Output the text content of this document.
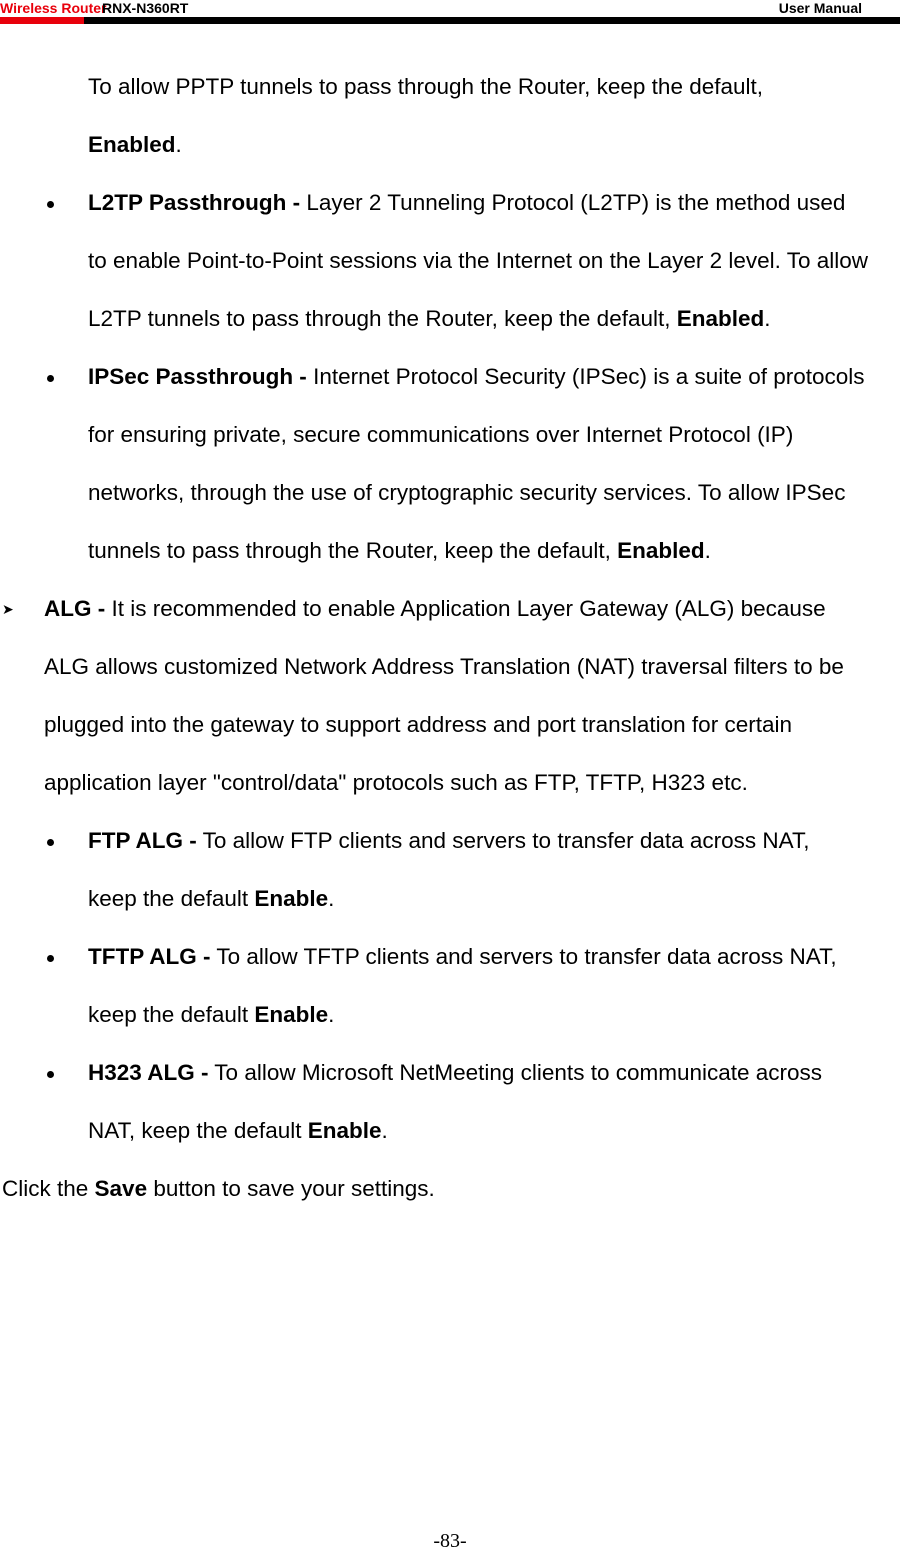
Wireless Router
RNX-N360RT	User Manual

To allow PPTP tunnels to pass through the Router, keep the default,
Enabled.

L2TP Passthrough - Layer 2 Tunneling Protocol (L2TP) is the method used to enable Point-to-Point sessions via the Internet on the Layer 2 level. To allow L2TP tunnels to pass through the Router, keep the default, Enabled.

IPSec Passthrough - Internet Protocol Security (IPSec) is a suite of protocols for ensuring private, secure communications over Internet Protocol (IP) networks, through the use of cryptographic security services. To allow IPSec tunnels to pass through the Router, keep the default, Enabled.

➤ ALG - It is recommended to enable Application Layer Gateway (ALG) because ALG allows customized Network Address Translation (NAT) traversal filters to be plugged into the gateway to support address and port translation for certain application layer "control/data" protocols such as FTP, TFTP, H323 etc.

FTP ALG - To allow FTP clients and servers to transfer data across NAT, keep the default Enable.

TFTP ALG - To allow TFTP clients and servers to transfer data across NAT, keep the default Enable.

H323 ALG - To allow Microsoft NetMeeting clients to communicate across NAT, keep the default Enable.

Click the Save button to save your settings.

-83-
